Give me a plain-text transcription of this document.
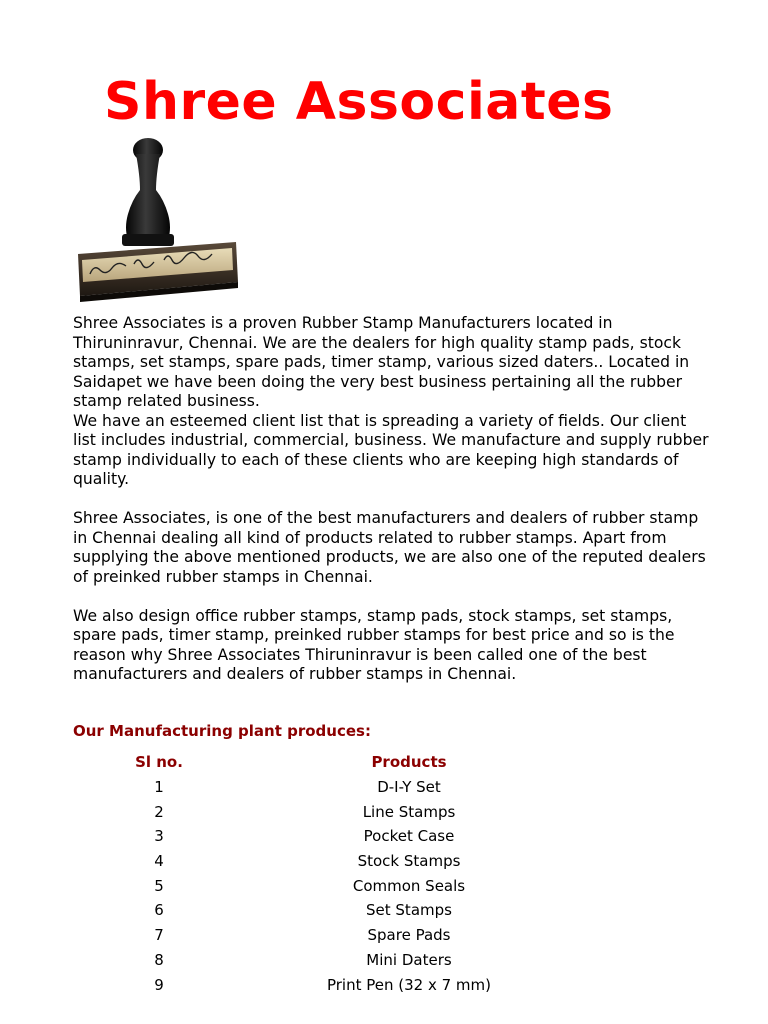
Shree Associates

Shree Associates is a proven Rubber Stamp Manufacturers located in Thiruninravur, Chennai. We are the dealers for high quality stamp pads, stock stamps, set stamps, spare pads, timer stamp, various sized daters.. Located in Saidapet we have been doing the very best business pertaining all the rubber stamp related business.

We have an esteemed client list that is spreading a variety of fields. Our client list includes industrial, commercial, business. We manufacture and supply rubber stamp individually to each of these clients who are keeping high standards of quality.

Shree Associates, is one of the best manufacturers and dealers of rubber stamp in Chennai dealing all kind of products related to rubber stamps. Apart from supplying the above mentioned products, we are also one of the reputed dealers of preinked rubber stamps in Chennai.

We also design office rubber stamps, stamp pads, stock stamps, set stamps, spare pads, timer stamp, preinked rubber stamps for best price and so is the reason why Shree Associates Thiruninravur is been called one of the best manufacturers and dealers of rubber stamps in Chennai.

Our Manufacturing plant produces:
Sl no.	Products
1	D-I-Y Set
2	Line Stamps
3	Pocket Case
4	Stock Stamps
5	Common Seals
6	Set Stamps
7	Spare Pads
8	Mini Daters
9	Print Pen (32 x 7 mm)
